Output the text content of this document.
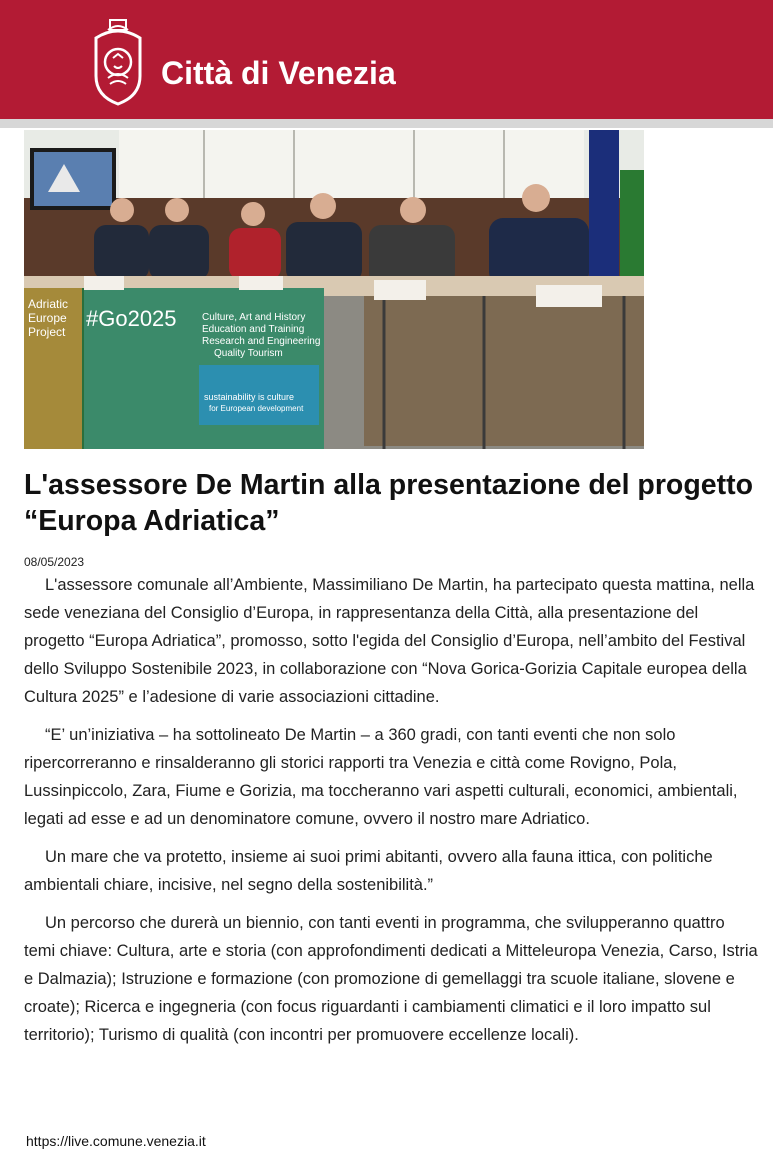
Città di Venezia
Adriatic
Europe
Project
#Go2025	Culture, Art and History
Education and Training
Research and Engineering
Quality Tourism
sustainability is culture
for European development
L'assessore De Martin alla presentazione del progetto “Europa Adriatica”
08/05/2023

L'assessore comunale all’Ambiente, Massimiliano De Martin, ha partecipato questa mattina, nella sede veneziana del Consiglio d’Europa, in rappresentanza della Città, alla presentazione del progetto “Europa Adriatica”, promosso, sotto l'egida del Consiglio d’Europa, nell’ambito del Festival dello Sviluppo Sostenibile 2023, in collaborazione con “Nova Gorica-Gorizia Capitale europea della Cultura 2025” e l’adesione di varie associazioni cittadine.

“E’ un’iniziativa – ha sottolineato De Martin – a 360 gradi, con tanti eventi che non solo ripercorreranno e rinsalderanno gli storici rapporti tra Venezia e città come Rovigno, Pola, Lussinpiccolo, Zara, Fiume e Gorizia, ma toccheranno vari aspetti culturali, economici, ambientali, legati ad esse e ad un denominatore comune, ovvero il nostro mare Adriatico.

Un mare che va protetto, insieme ai suoi primi abitanti, ovvero alla fauna ittica, con politiche ambientali chiare, incisive, nel segno della sostenibilità.”

Un percorso che durerà un biennio, con tanti eventi in programma, che svilupperanno quattro temi chiave: Cultura, arte e storia (con approfondimenti dedicati a Mitteleuropa Venezia, Carso, Istria e Dalmazia); Istruzione e formazione (con promozione di gemellaggi tra scuole italiane, slovene e croate); Ricerca e ingegneria (con focus riguardanti i cambiamenti climatici e il loro impatto sul territorio); Turismo di qualità (con incontri per promuovere eccellenze locali).

https://live.comune.venezia.it
